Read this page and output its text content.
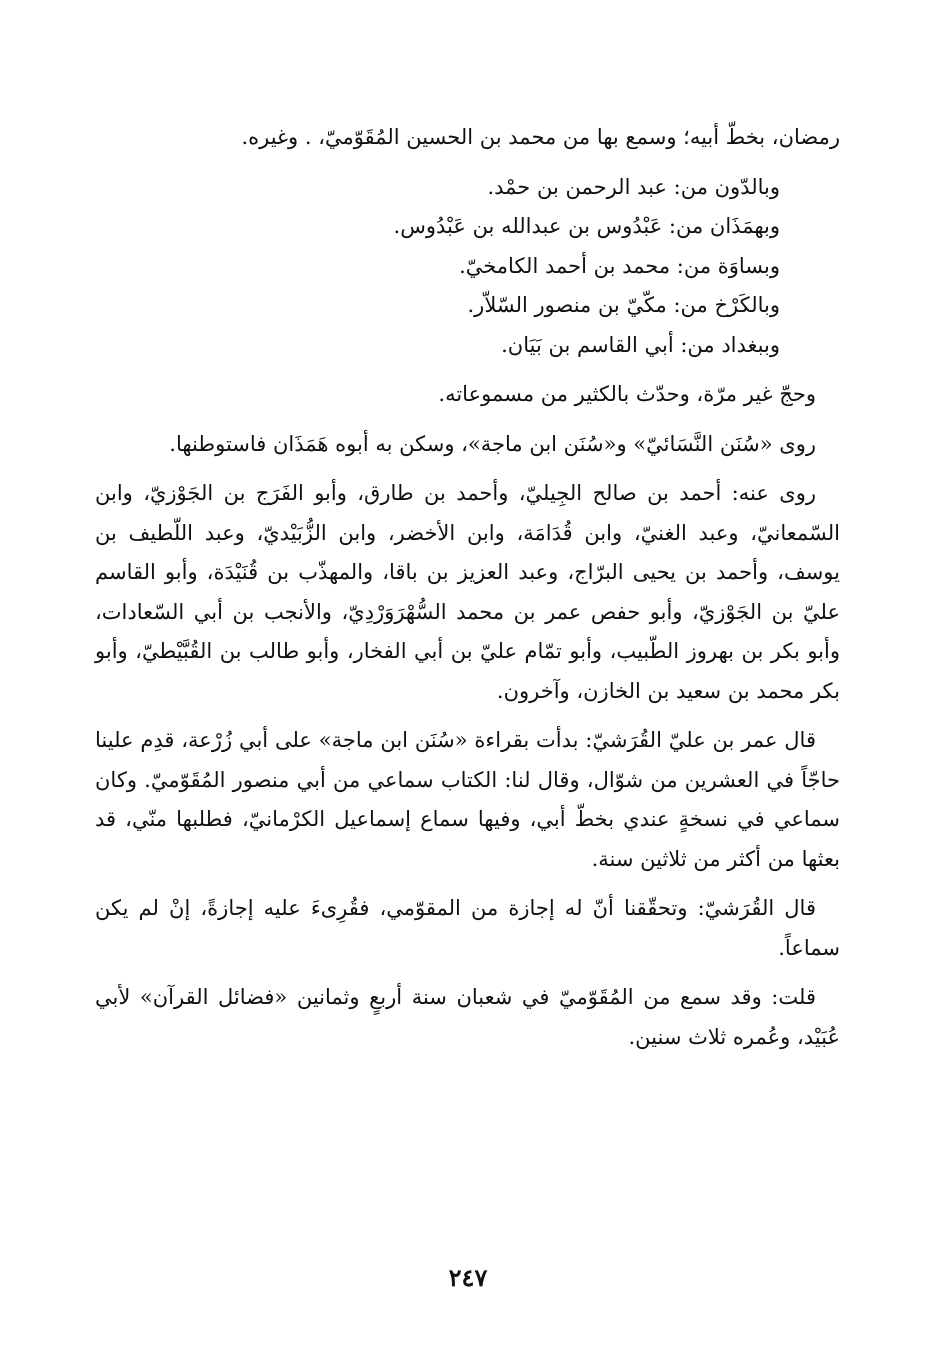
رمضان، بخطّ أبيه؛ وسمع بها من محمد بن الحسين المُقَوّميّ، . وغيره.

وبالدّون من: عبد الرحمن بن حمْد.
وبهمَذَان من: عَبْدُوس بن عبدالله بن عَبْدُوس.
وبساوَة من: محمد بن أحمد الكامخيّ.
وبالكَرْخ من: مكّيّ بن منصور السّلاّر.
وببغداد من: أبي القاسم بن بَيَان.

وحجّ غير مرّة، وحدّث بالكثير من مسموعاته.

روى «سُنَن النَّسَائيّ» و«سُنَن ابن ماجة»، وسكن به أبوه هَمَذَان فاستوطنها.

روى عنه: أحمد بن صالح الجِيليّ، وأحمد بن طارق، وأبو الفَرَج بن الجَوْزيّ، وابن السّمعانيّ، وعبد الغنيّ، وابن قُدَامَة، وابن الأخضر، وابن الزُّبَيْديّ، وعبد اللّطيف بن يوسف، وأحمد بن يحيى البرّاج، وعبد العزيز بن باقا، والمهذّب بن قُنَيْدَة، وأبو القاسم عليّ بن الجَوْزيّ، وأبو حفص عمر بن محمد السُّهْرَوَرْدِيّ، والأنجب بن أبي السّعادات، وأبو بكر بن بهروز الطّبيب، وأبو تمّام عليّ بن أبي الفخار، وأبو طالب بن القُبَّيْطيّ، وأبو بكر محمد بن سعيد بن الخازن، وآخرون.

قال عمر بن عليّ القُرَشيّ: بدأت بقراءة «سُنَن ابن ماجة» على أبي زُرْعة، قدِم علينا حاجّاً في العشرين من شوّال، وقال لنا: الكتاب سماعي من أبي منصور المُقَوّميّ. وكان سماعي في نسخةٍ عندي بخطّ أبي، وفيها سماع إسماعيل الكرْمانيّ، فطلبها منّي، قد بعثها من أكثر من ثلاثين سنة.

قال القُرَشيّ: وتحقّقنا أنّ له إجازة من المقوّمي، فقُرِىءَ عليه إجازةً، إنْ لم يكن سماعاً.

قلت: وقد سمع من المُقَوّميّ في شعبان سنة أربعٍ وثمانين «فضائل القرآن» لأبي عُبَيْد، وعُمره ثلاث سنين.

٢٤٧
